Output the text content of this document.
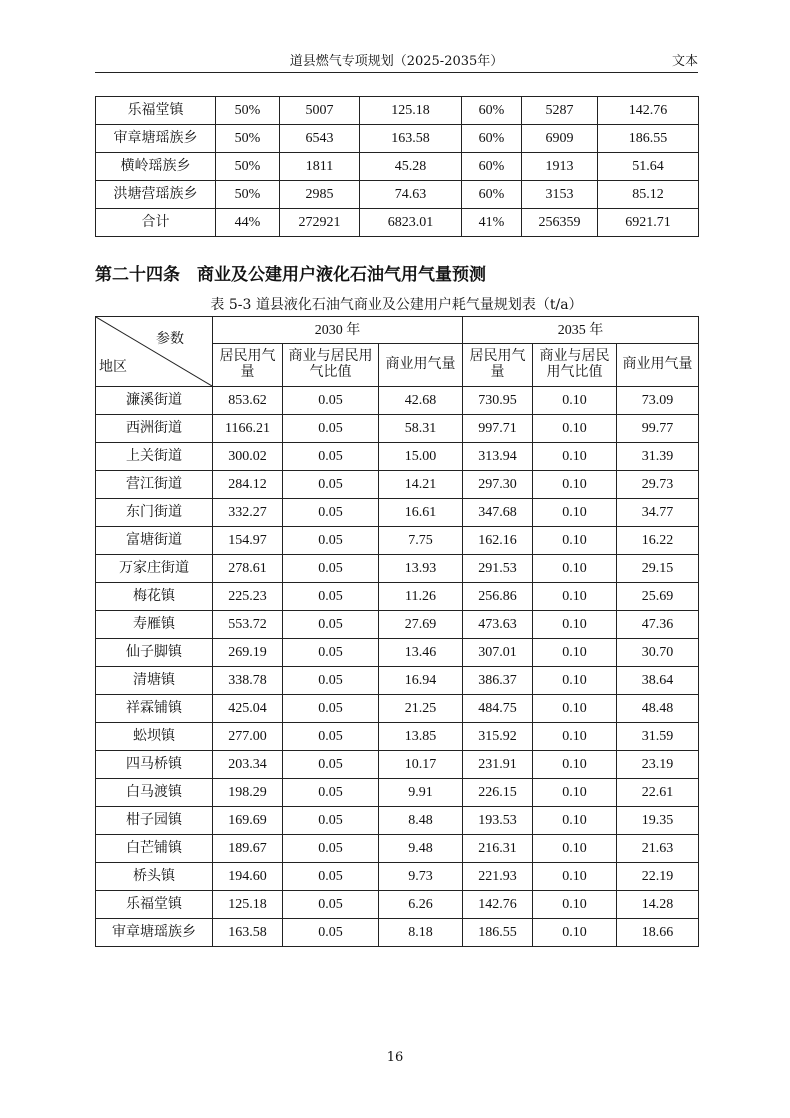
道县燃气专项规划（2025-2035年）	文本
乐福堂镇	50%	5007	125.18	60%	5287	142.76
审章塘瑶族乡	50%	6543	163.58	60%	6909	186.55
横岭瑶族乡	50%	1811	45.28	60%	1913	51.64
洪塘营瑶族乡	50%	2985	74.63	60%	3153	85.12
合计	44%	272921	6823.01	41%	256359	6921.71
第二十四条　商业及公建用户液化石油气用气量预测
表 5-3 道县液化石油气商业及公建用户耗气量规划表（t/a）
参数
地区	2030 年			2035 年		
	居民用气量	商业与居民用气比值	商业用气量	居民用气量	商业与居民用气比值	商业用气量
濂溪街道	853.62	0.05	42.68	730.95	0.10	73.09
西洲街道	1166.21	0.05	58.31	997.71	0.10	99.77
上关街道	300.02	0.05	15.00	313.94	0.10	31.39
营江街道	284.12	0.05	14.21	297.30	0.10	29.73
东门街道	332.27	0.05	16.61	347.68	0.10	34.77
富塘街道	154.97	0.05	7.75	162.16	0.10	16.22
万家庄街道	278.61	0.05	13.93	291.53	0.10	29.15
梅花镇	225.23	0.05	11.26	256.86	0.10	25.69
寿雁镇	553.72	0.05	27.69	473.63	0.10	47.36
仙子脚镇	269.19	0.05	13.46	307.01	0.10	30.70
清塘镇	338.78	0.05	16.94	386.37	0.10	38.64
祥霖铺镇	425.04	0.05	21.25	484.75	0.10	48.48
蚣坝镇	277.00	0.05	13.85	315.92	0.10	31.59
四马桥镇	203.34	0.05	10.17	231.91	0.10	23.19
白马渡镇	198.29	0.05	9.91	226.15	0.10	22.61
柑子园镇	169.69	0.05	8.48	193.53	0.10	19.35
白芒铺镇	189.67	0.05	9.48	216.31	0.10	21.63
桥头镇	194.60	0.05	9.73	221.93	0.10	22.19
乐福堂镇	125.18	0.05	6.26	142.76	0.10	14.28
审章塘瑶族乡	163.58	0.05	8.18	186.55	0.10	18.66
16
